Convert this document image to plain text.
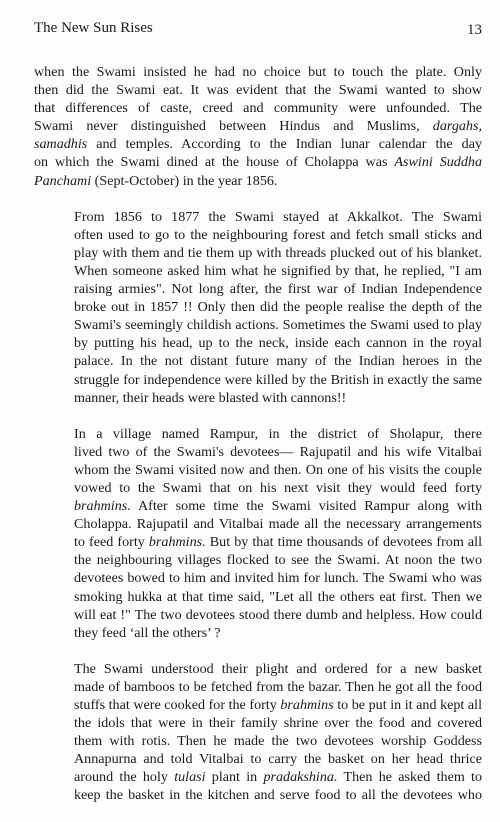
The New Sun Rises	13

when the Swami insisted he had no choice but to touch the plate. Only
then did the Swami eat. It was evident that the Swami wanted to show
that differences of caste, creed and community were unfounded. The
Swami never distinguished between Hindus and Muslims, dargahs,
samadhis and temples. According to the Indian lunar calendar the day
on which the Swami dined at the house of Cholappa was Aswini Suddha
Panchami (Sept-October) in the year 1856.

From 1856 to 1877 the Swami stayed at Akkalkot. The Swami
often used to go to the neighbouring forest and fetch small sticks and
play with them and tie them up with threads plucked out of his blanket.
When someone asked him what he signified by that, he replied, "I am
raising armies". Not long after, the first war of Indian Independence
broke out in 1857 !! Only then did the people realise the depth of the
Swami's seemingly childish actions. Sometimes the Swami used to play
by putting his head, up to the neck, inside each cannon in the royal
palace. In the not distant future many of the Indian heroes in the
struggle for independence were killed by the British in exactly the same
manner, their heads were blasted with cannons!!

In a village named Rampur, in the district of Sholapur, there
lived two of the Swami's devotees— Rajupatil and his wife Vitalbai
whom the Swami visited now and then. On one of his visits the couple
vowed to the Swami that on his next visit they would feed forty
brahmins. After some time the Swami visited Rampur along with
Cholappa. Rajupatil and Vitalbai made all the necessary arrangements
to feed forty brahmins. But by that time thousands of devotees from all
the neighbouring villages flocked to see the Swami. At noon the two
devotees bowed to him and invited him for lunch. The Swami who was
smoking hukka at that time said, "Let all the others eat first. Then we
will eat !" The two devotees stood there dumb and helpless. How could
they feed ‘all the others’ ?

The Swami understood their plight and ordered for a new basket
made of bamboos to be fetched from the bazar. Then he got all the food
stuffs that were cooked for the forty brahmins to be put in it and kept all
the idols that were in their family shrine over the food and covered
them with rotis. Then he made the two devotees worship Goddess
Annapurna and told Vitalbai to carry the basket on her head thrice
around the holy tulasi plant in pradakshina. Then he asked them to
keep the basket in the kitchen and serve food to all the devotees who
